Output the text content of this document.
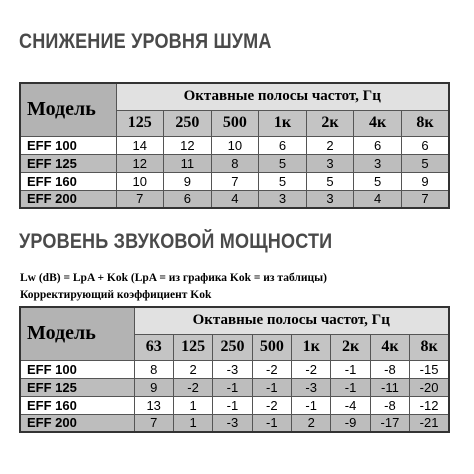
СНИЖЕНИЕ УРОВНЯ ШУМА
Модель	Октавные полосы частот, Гц						
	125	250	500	1к	2к	4к	8к
EFF 100	14	12	10	6	2	6	6
EFF 125	12	11	8	5	3	3	5
EFF 160	10	9	7	5	5	5	9
EFF 200	7	6	4	3	3	4	7
УРОВЕНЬ ЗВУКОВОЙ МОЩНОСТИ
Lw (dB) = LpA + Kok (LpA = из графика Kok = из таблицы)
Корректирующий коэффициент Kok
Модель	Октавные полосы частот, Гц							
	63	125	250	500	1к	2к	4к	8к
EFF 100	8	2	-3	-2	-2	-1	-8	-15
EFF 125	9	-2	-1	-1	-3	-1	-11	-20
EFF 160	13	1	-1	-2	-1	-4	-8	-12
EFF 200	7	1	-3	-1	2	-9	-17	-21
